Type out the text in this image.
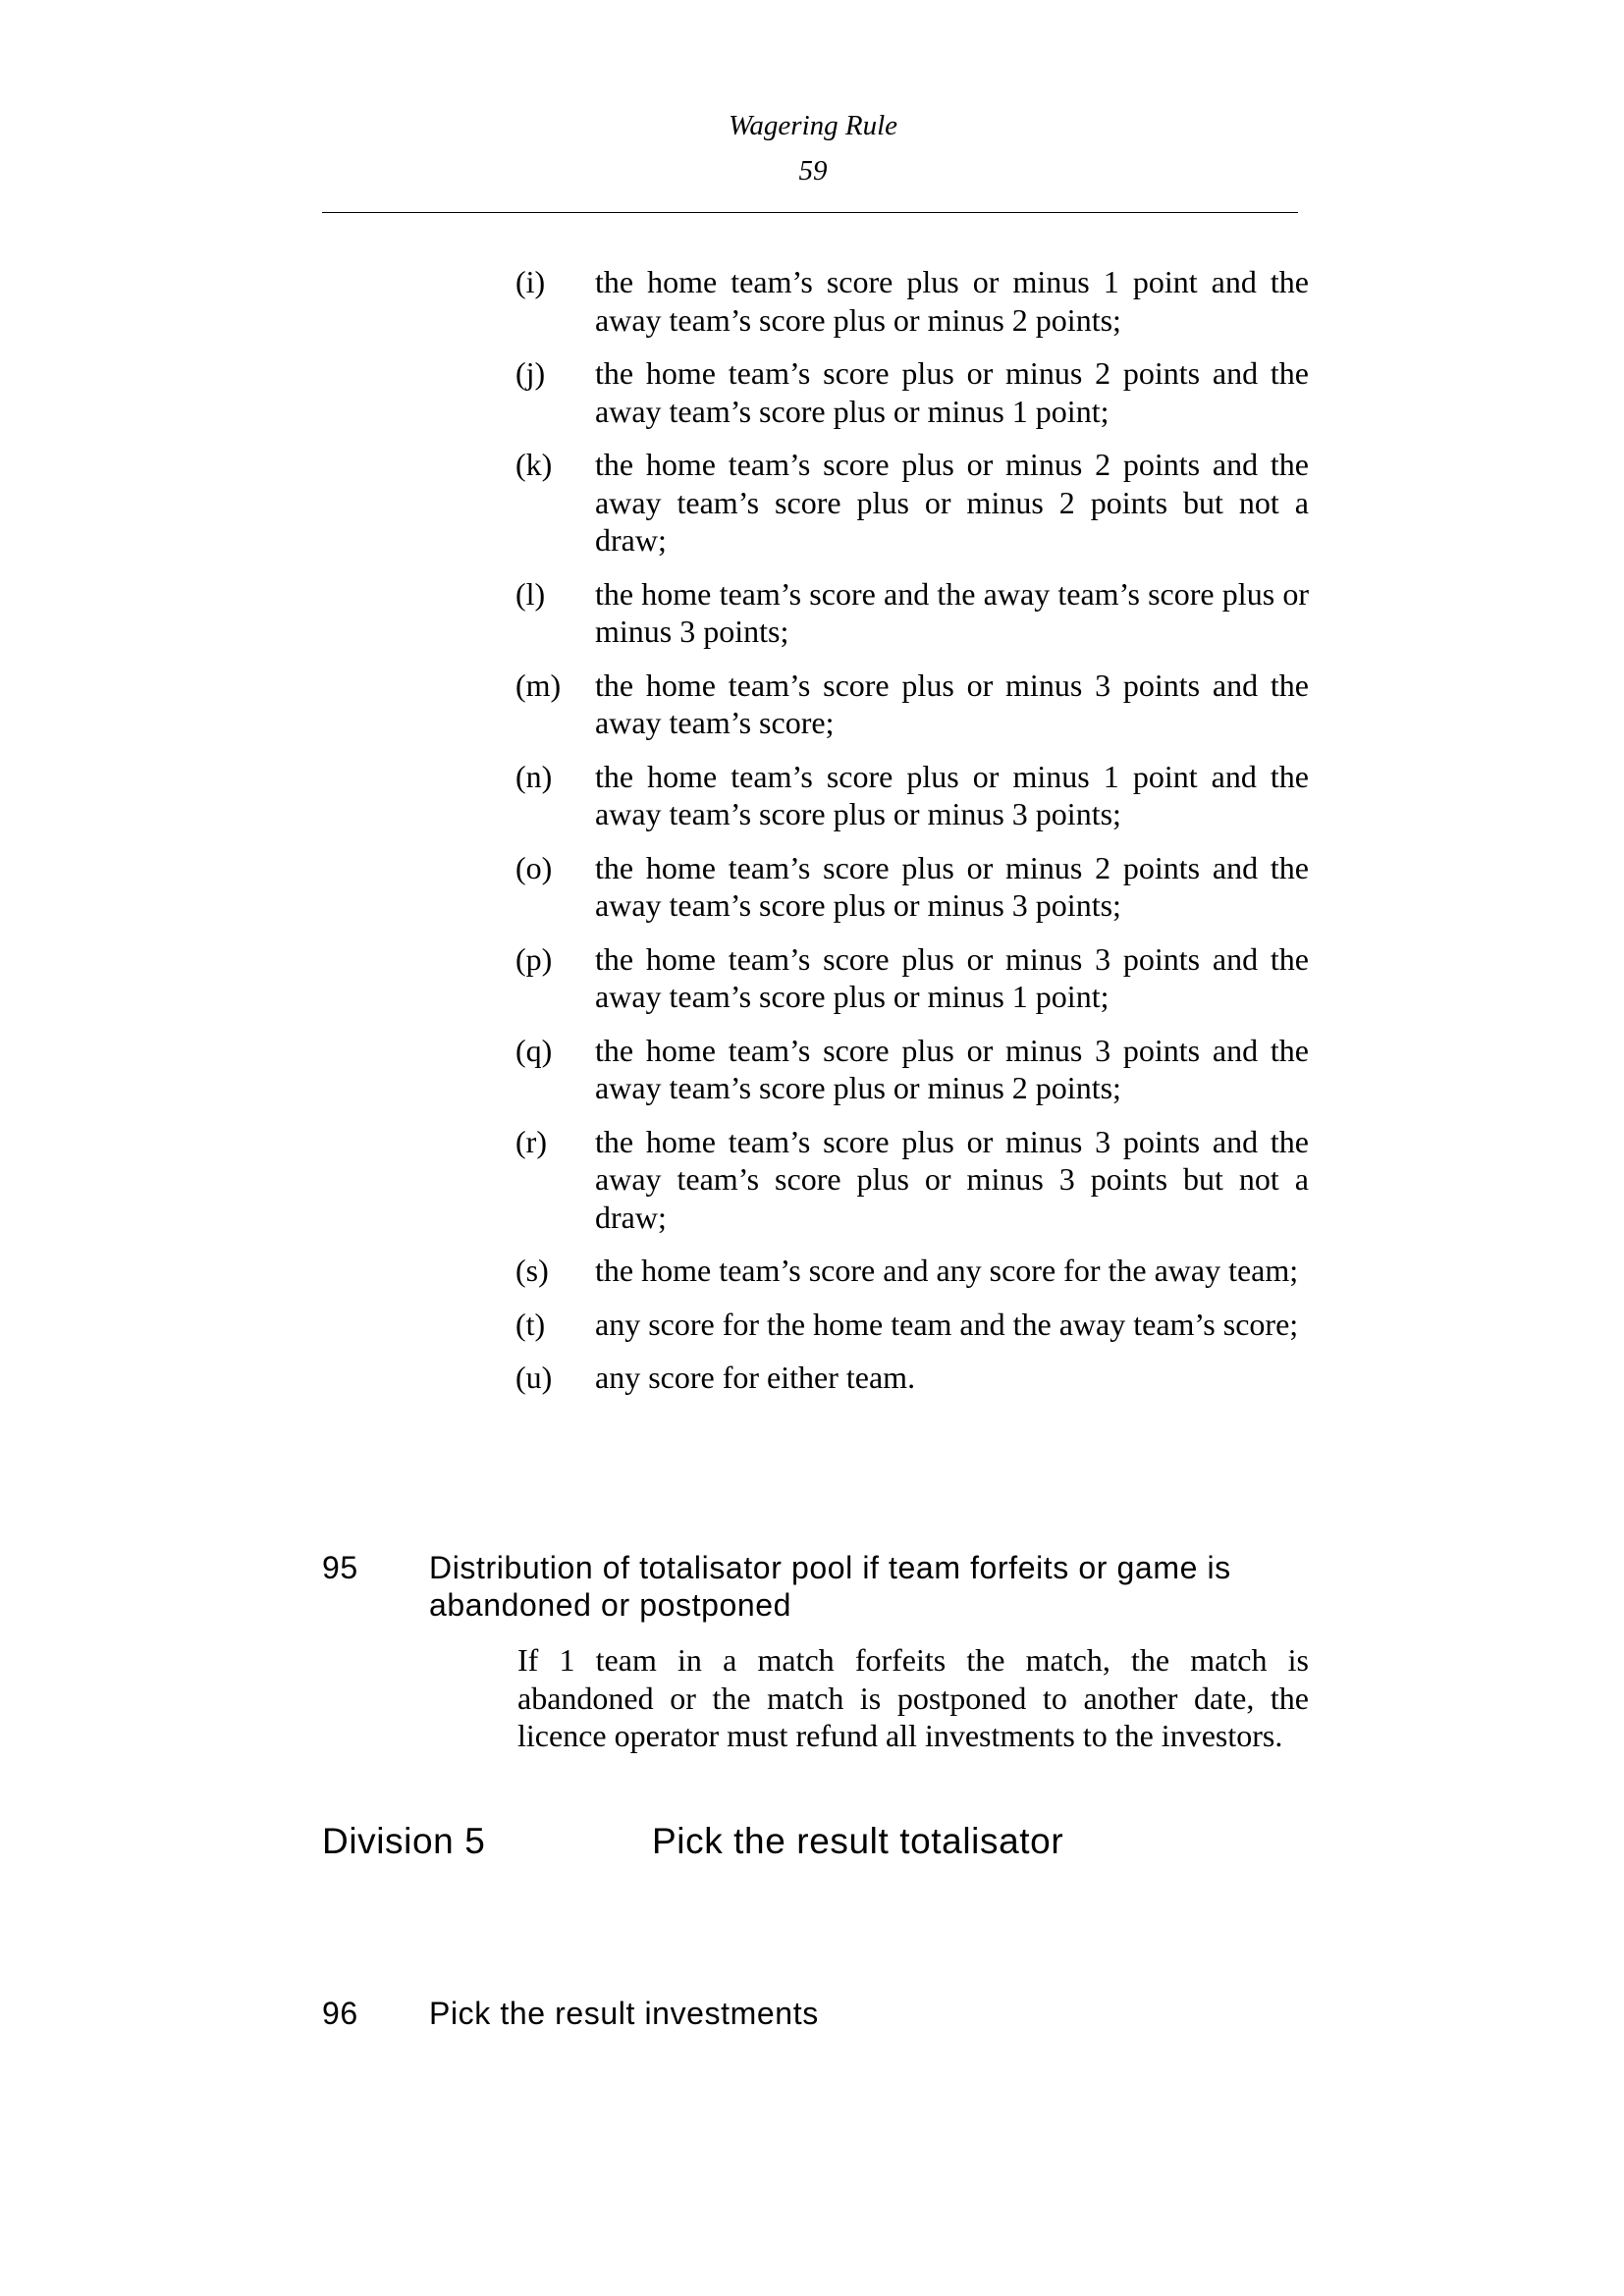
Wagering Rule
59
(i)	the home team’s score plus or minus 1 point and the away team’s score plus or minus 2 points;
(j)	the home team’s score plus or minus 2 points and the away team’s score plus or minus 1 point;
(k)	the home team’s score plus or minus 2 points and the away team’s score plus or minus 2 points but not a draw;
(l)	the home team’s score and the away team’s score plus or minus 3 points;
(m)	the home team’s score plus or minus 3 points and the away team’s score;
(n)	the home team’s score plus or minus 1 point and the away team’s score plus or minus 3 points;
(o)	the home team’s score plus or minus 2 points and the away team’s score plus or minus 3 points;
(p)	the home team’s score plus or minus 3 points and the away team’s score plus or minus 1 point;
(q)	the home team’s score plus or minus 3 points and the away team’s score plus or minus 2 points;
(r)	the home team’s score plus or minus 3 points and the away team’s score plus or minus 3 points but not a draw;
(s)	the home team’s score and any score for the away team;
(t)	any score for the home team and the away team’s score;
(u)	any score for either team.
95 Distribution of totalisator pool if team forfeits or game is abandoned or postponed
If 1 team in a match forfeits the match, the match is abandoned or the match is postponed to another date, the licence operator must refund all investments to the investors.
Division 5	Pick the result totalisator
96 Pick the result investments
